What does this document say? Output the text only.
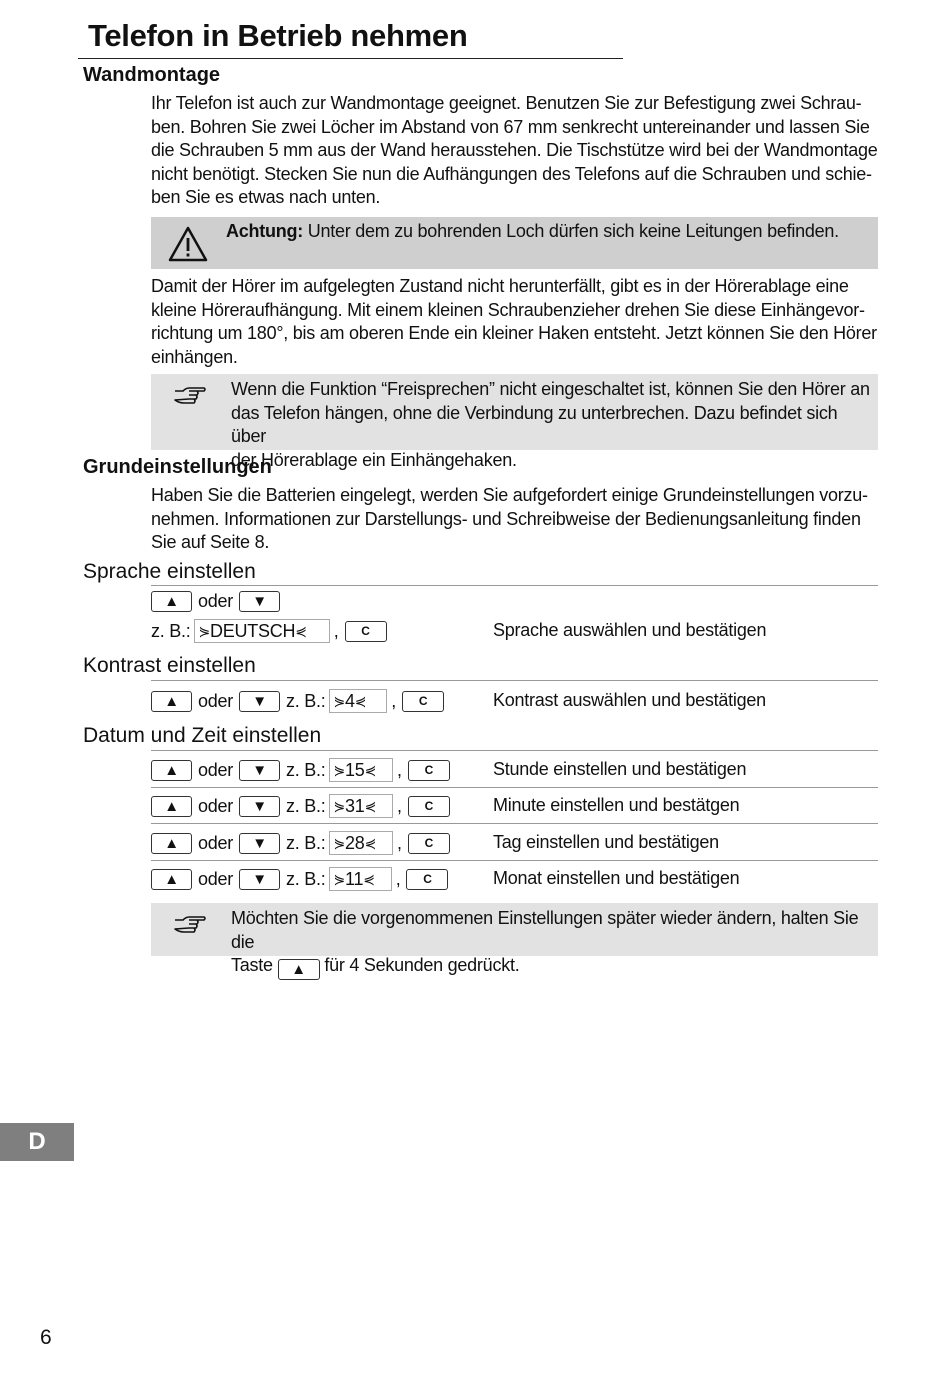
Telefon in Betrieb nehmen
Wandmontage

Ihr Telefon ist auch zur Wandmontage geeignet. Benutzen Sie zur Befestigung zwei Schrau-

ben. Bohren Sie zwei Löcher im Abstand von 67 mm senkrecht untereinander und lassen Sie

die Schrauben 5 mm aus der Wand herausstehen. Die Tischstütze wird bei der Wandmontage

nicht benötigt. Stecken Sie nun die Aufhängungen des Telefons auf die Schrauben und schie-

ben Sie es etwas nach unten.

Achtung: Unter dem zu bohrenden Loch dürfen sich keine Leitungen befinden.

Damit der Hörer im aufgelegten Zustand nicht herunterfällt, gibt es in der Hörerablage eine

kleine Höreraufhängung. Mit einem kleinen Schraubenzieher drehen Sie diese Einhängevor-

richtung um 180°, bis am oberen Ende ein kleiner Haken entsteht. Jetzt können Sie den Hörer

einhängen.

Wenn die Funktion “Freisprechen” nicht eingeschaltet ist, können Sie den Hörer an
das Telefon hängen, ohne die Verbindung zu unterbrechen. Dazu befindet sich über
der Hörerablage ein Einhängehaken.
Grundeinstellungen

Haben Sie die Batterien eingelegt, werden Sie aufgefordert einige Grundeinstellungen vorzu-

nehmen. Informationen zur Darstellungs- und Schreibweise der Bedienungsanleitung finden

Sie auf Seite 8.

Sprache einstellen
▲	oder	▼
z. B.: ⋟ DEUTSCH ⋞ ,	C	Sprache auswählen und bestätigen
Kontrast einstellen
▲	oder	▼	z. B.: ⋟ 4 ⋞ ,	C	Kontrast auswählen und bestätigen
Datum und Zeit einstellen
▲	oder	▼	z. B.: ⋟ 15 ⋞ ,	C	Stunde einstellen und bestätigen
▲	oder	▼	z. B.: ⋟ 31 ⋞ ,	C	Minute einstellen und bestätgen
▲	oder	▼	z. B.: ⋟ 28 ⋞ ,	C	Tag einstellen und bestätigen
▲	oder	▼	z. B.: ⋟ 11 ⋞ ,	C	Monat einstellen und bestätigen
Möchten Sie die vorgenommenen Einstellungen später wieder ändern, halten Sie die
Taste ▲ für 4 Sekunden gedrückt.
D
6
